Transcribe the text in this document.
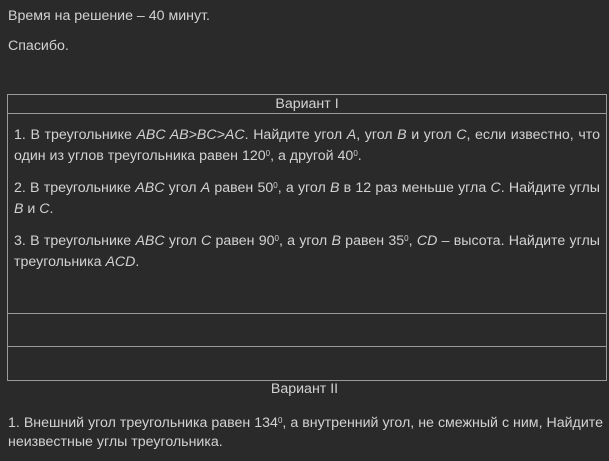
Время на решение – 40 минут.
Спасибо.
Вариант I
1. В треугольнике ABC AB>BC>AC. Найдите угол A, угол B и угол C, если известно, что один из углов треугольника равен $120^0$, а другой $40^0$.
2. В треугольнике ABC угол A равен $50^0$, а угол B в 12 раз меньше угла C. Найдите углы B и C.
3. В треугольнике ABC угол C равен $90^0$, а угол B равен $35^0$, CD – высота. Найдите углы треугольника ACD.
Вариант II
1. Внешний угол треугольника равен $134^0$, а внутренний угол, не смежный с ним, Найдите неизвестные углы треугольника.
